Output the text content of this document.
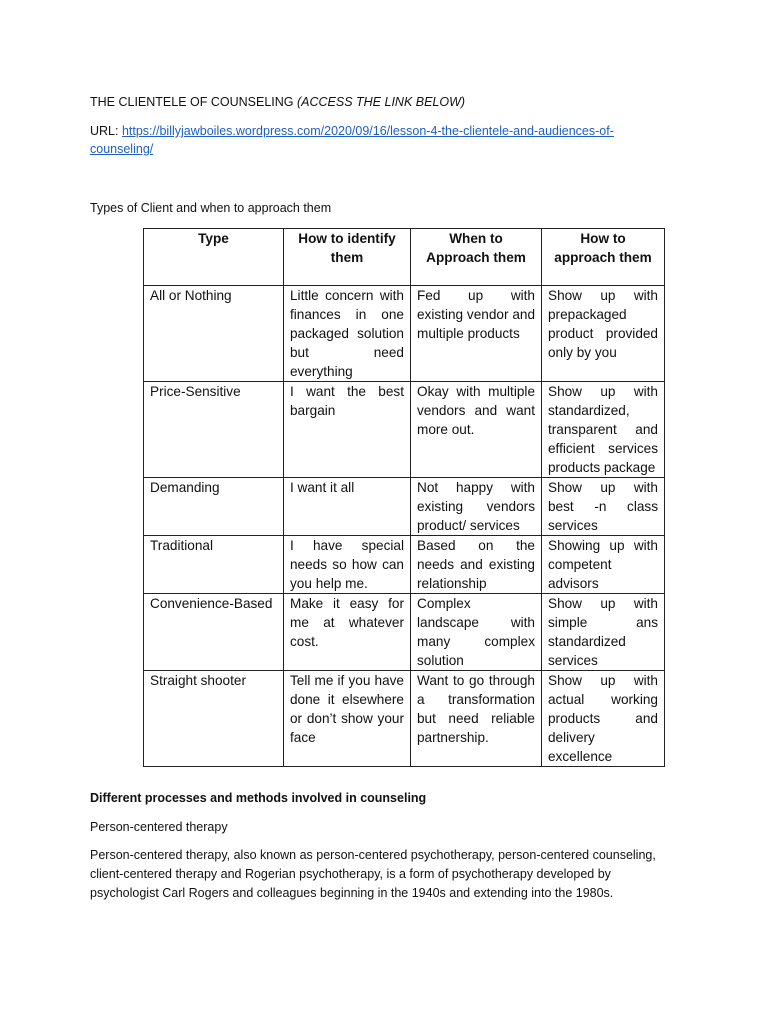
THE CLIENTELE OF COUNSELING (ACCESS THE LINK BELOW)
URL: https://billyjawboiles.wordpress.com/2020/09/16/lesson-4-the-clientele-and-audiences-of-counseling/
Types of Client and when to approach them
Type	How to identify them	When to Approach them	How to approach them
All or Nothing	Little concern with finances in one packaged solution but need everything	Fed up with existing vendor and multiple products	Show up with prepackaged product provided only by you
Price-Sensitive	I want the best bargain	Okay with multiple vendors and want more out.	Show up with standardized, transparent and efficient services products package
Demanding	I want it all	Not happy with existing vendors product/ services	Show up with best -n class services
Traditional	I have special needs so how can you help me.	Based on the needs and existing relationship	Showing up with competent advisors
Convenience-Based	Make it easy for me at whatever cost.	Complex landscape with many complex solution	Show up with simple ans standardized services
Straight shooter	Tell me if you have done it elsewhere or don’t show your face	Want to go through a transformation but need reliable partnership.	Show up with actual working products and delivery excellence
Different processes and methods involved in counseling
Person-centered therapy
Person-centered therapy, also known as person-centered psychotherapy, person-centered counseling, client-centered therapy and Rogerian psychotherapy, is a form of psychotherapy developed by psychologist Carl Rogers and colleagues beginning in the 1940s and extending into the 1980s.
